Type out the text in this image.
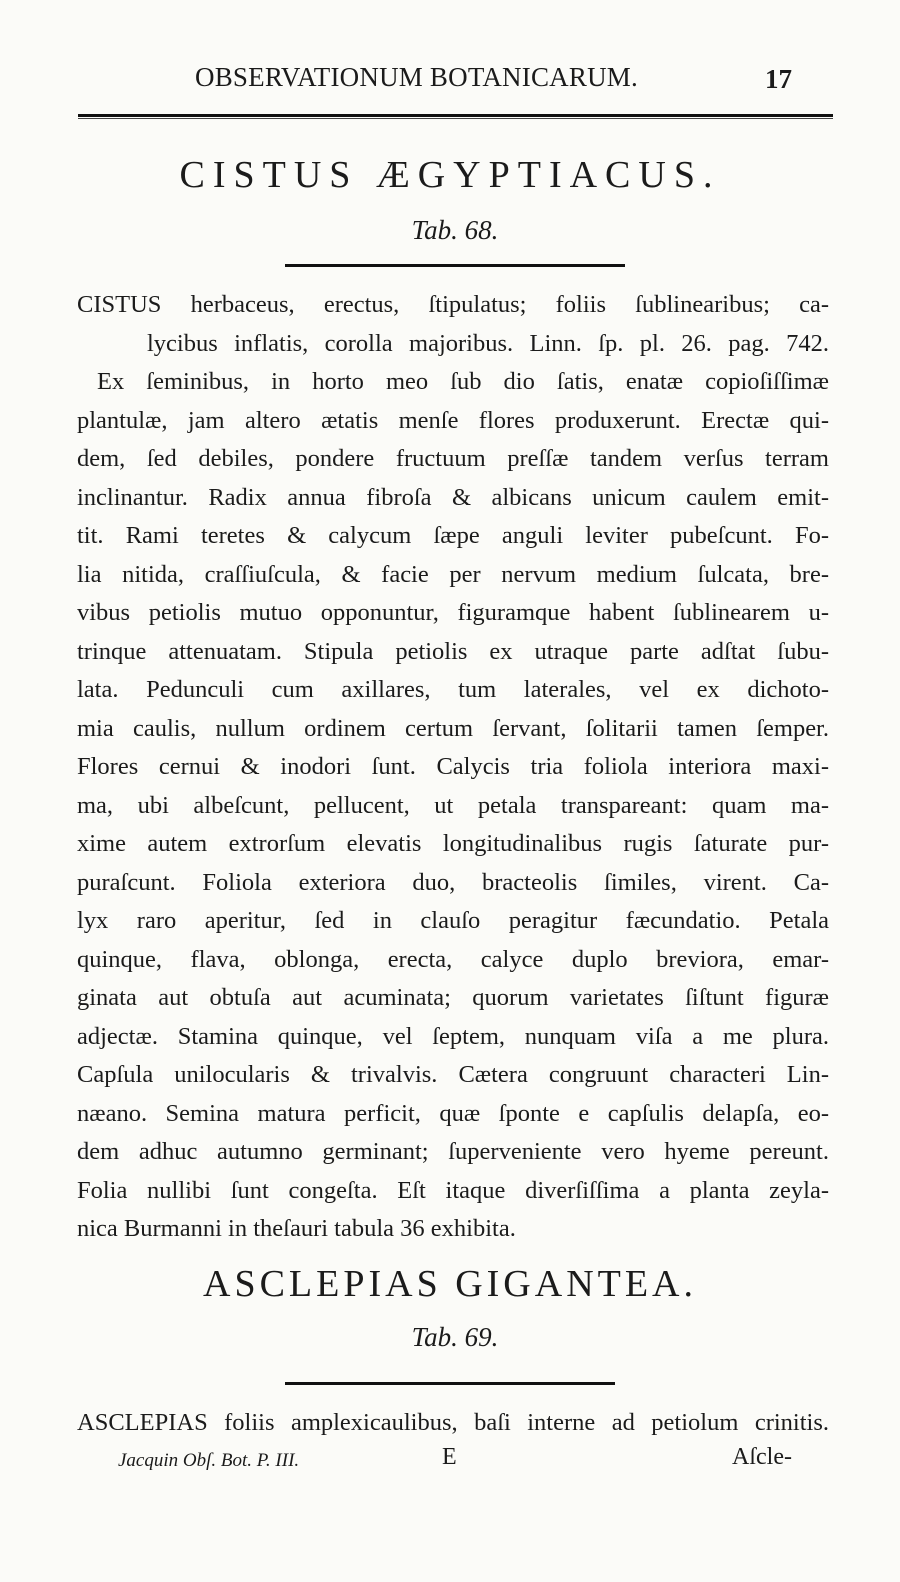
OBSERVATIONUM BOTANICARUM.	17
CISTUS ÆGYPTIACUS.
Tab. 68.
CISTUS herbaceus, erectus, ſtipulatus; foliis ſublinearibus; ca-
lycibus inflatis, corolla majoribus. Linn. ſp. pl. 26. pag. 742.
Ex ſeminibus, in horto meo ſub dio ſatis, enatæ copioſiſſimæ
plantulæ, jam altero ætatis menſe flores produxerunt. Erectæ qui-
dem, ſed debiles, pondere fructuum preſſæ tandem verſus terram
inclinantur. Radix annua fibroſa & albicans unicum caulem emit-
tit. Rami teretes & calycum ſæpe anguli leviter pubeſcunt. Fo-
lia nitida, craſſiuſcula, & facie per nervum medium ſulcata, bre-
vibus petiolis mutuo opponuntur, figuramque habent ſublinearem u-
trinque attenuatam. Stipula petiolis ex utraque parte adſtat ſubu-
lata. Pedunculi cum axillares, tum laterales, vel ex dichoto-
mia caulis, nullum ordinem certum ſervant, ſolitarii tamen ſemper.
Flores cernui & inodori ſunt. Calycis tria foliola interiora maxi-
ma, ubi albeſcunt, pellucent, ut petala transpareant: quam ma-
xime autem extrorſum elevatis longitudinalibus rugis ſaturate pur-
puraſcunt. Foliola exteriora duo, bracteolis ſimiles, virent. Ca-
lyx raro aperitur, ſed in clauſo peragitur fæcundatio. Petala
quinque, flava, oblonga, erecta, calyce duplo breviora, emar-
ginata aut obtuſa aut acuminata; quorum varietates ſiſtunt figuræ
adjectæ. Stamina quinque, vel ſeptem, nunquam viſa a me plura.
Capſula unilocularis & trivalvis. Cætera congruunt characteri Lin-
næano. Semina matura perficit, quæ ſponte e capſulis delapſa, eo-
dem adhuc autumno germinant; ſuperveniente vero hyeme pereunt.
Folia nullibi ſunt congeſta. Eſt itaque diverſiſſima a planta zeyla-
nica Burmanni in theſauri tabula 36 exhibita.
ASCLEPIAS GIGANTEA.
Tab. 69.
ASCLEPIAS foliis amplexicaulibus, baſi interne ad petiolum crinitis.
Jacquin Obſ. Bot. P. III.	E	Aſcle-
